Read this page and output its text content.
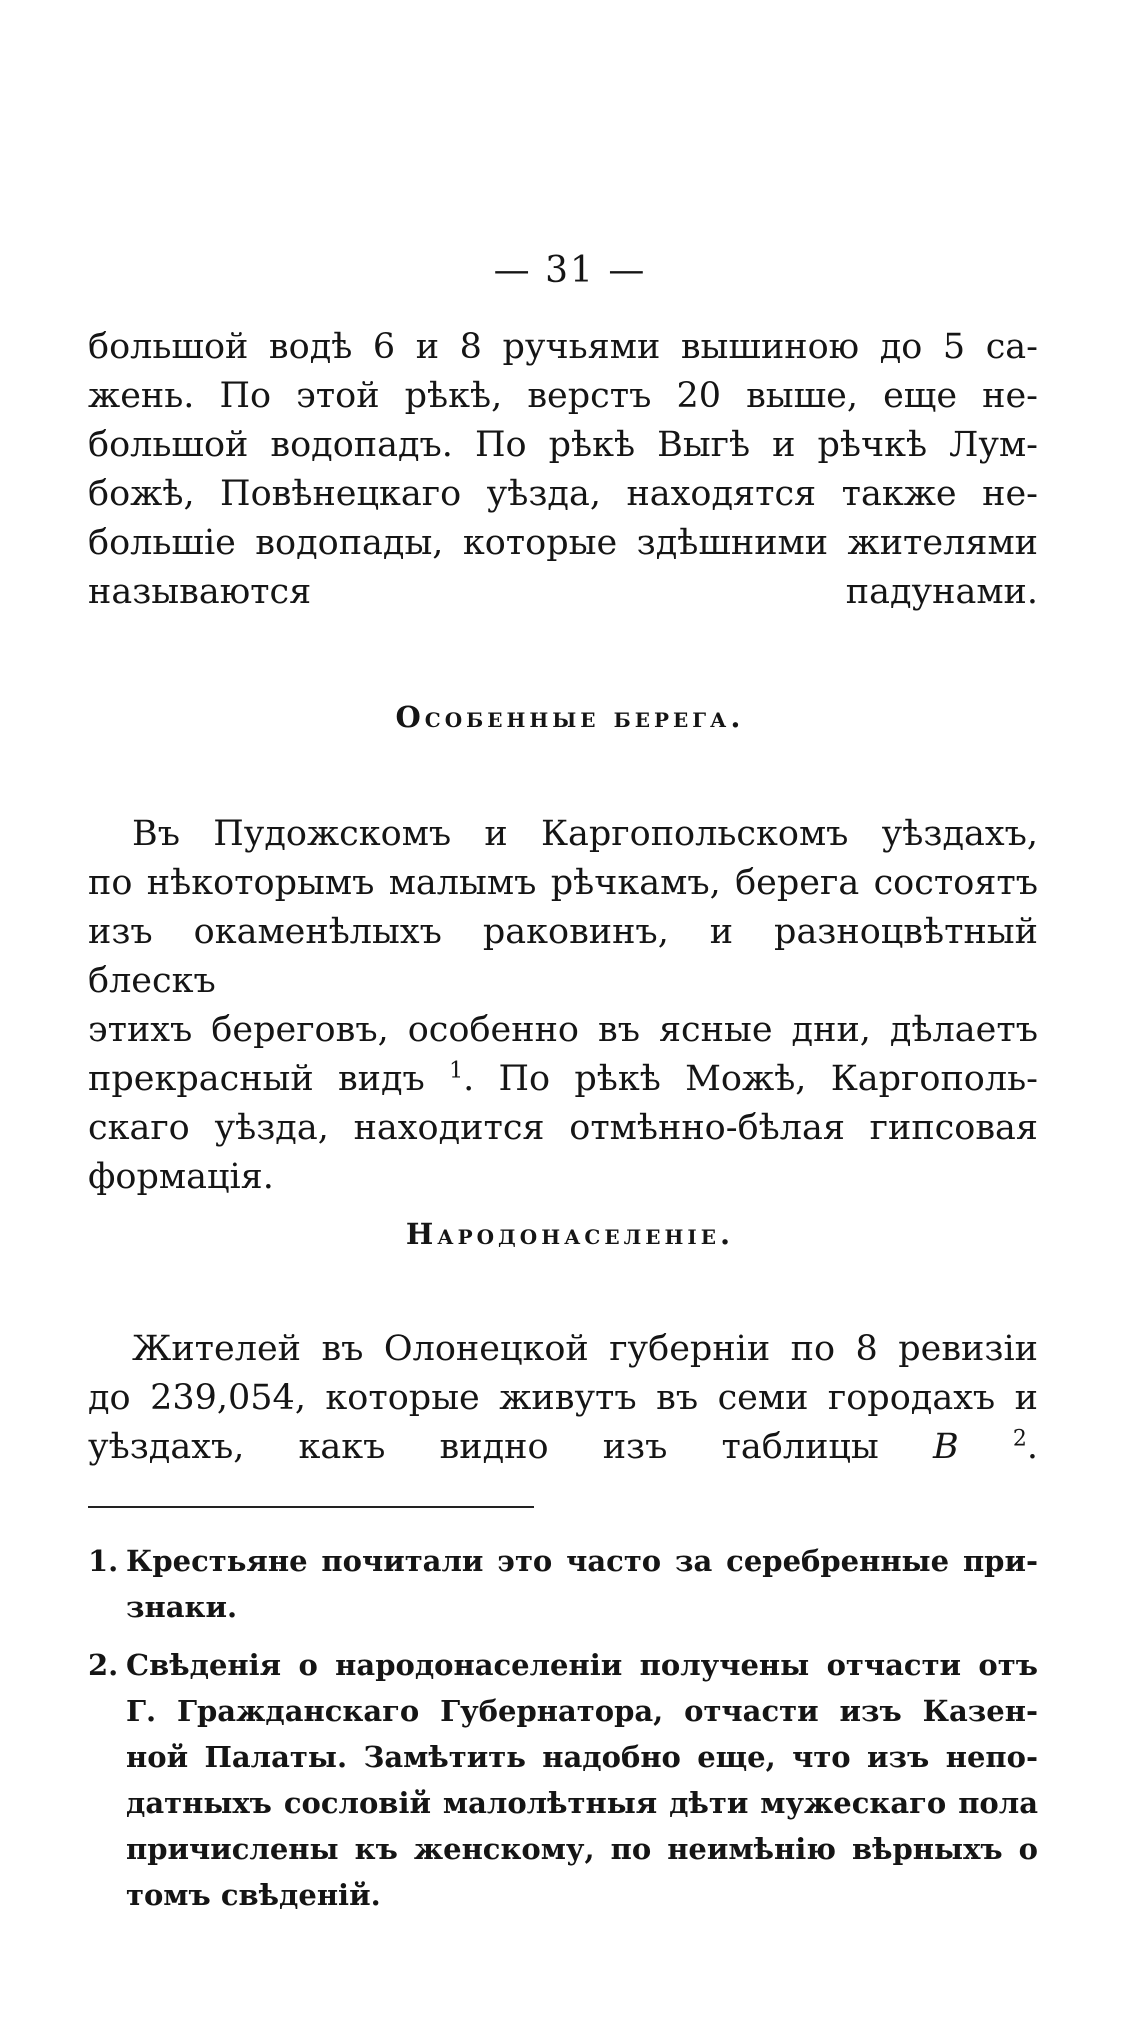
— 31 —
большой водѣ 6 и 8 ручьями вышиною до 5 са-
жень. По этой рѣкѣ, верстъ 20 выше, еще не-
большой водопадъ. По рѣкѣ Выгѣ и рѣчкѣ Лум-
божѣ, Повѣнецкаго уѣзда, находятся также не-
большіе водопады, которые здѣшними жителями
называются падунами.
Особенные берега.
Въ Пудожскомъ и Каргопольскомъ уѣздахъ,
по нѣкоторымъ малымъ рѣчкамъ, берега состоятъ
изъ окаменѣлыхъ раковинъ, и разноцвѣтный блескъ
этихъ береговъ, особенно въ ясные дни, дѣлаетъ
прекрасный видъ $^1$. По рѣкѣ Мoжѣ, Каргополь-
скаго уѣзда, находится отмѣнно-бѣлая гипсовая
формація.
Народонаселеніе.
Жителей въ Олонецкой губерніи по 8 ревизіи
до 239,054, которые живутъ въ семи городахъ и
уѣздахъ, какъ видно изъ таблицы B $^2$.
1. Крестьяне почитали это часто за серебренные при-
знаки.
2. Свѣденія о народонаселеніи получены отчасти отъ
Г. Гражданскаго Губернатора, отчасти изъ Казен-
ной Палаты. Замѣтить надобно еще, что изъ непо-
датныхъ сословій малолѣтныя дѣти мужескаго пола
причислены къ женскому, по неимѣнію вѣрныхъ о
томъ свѣденій.
